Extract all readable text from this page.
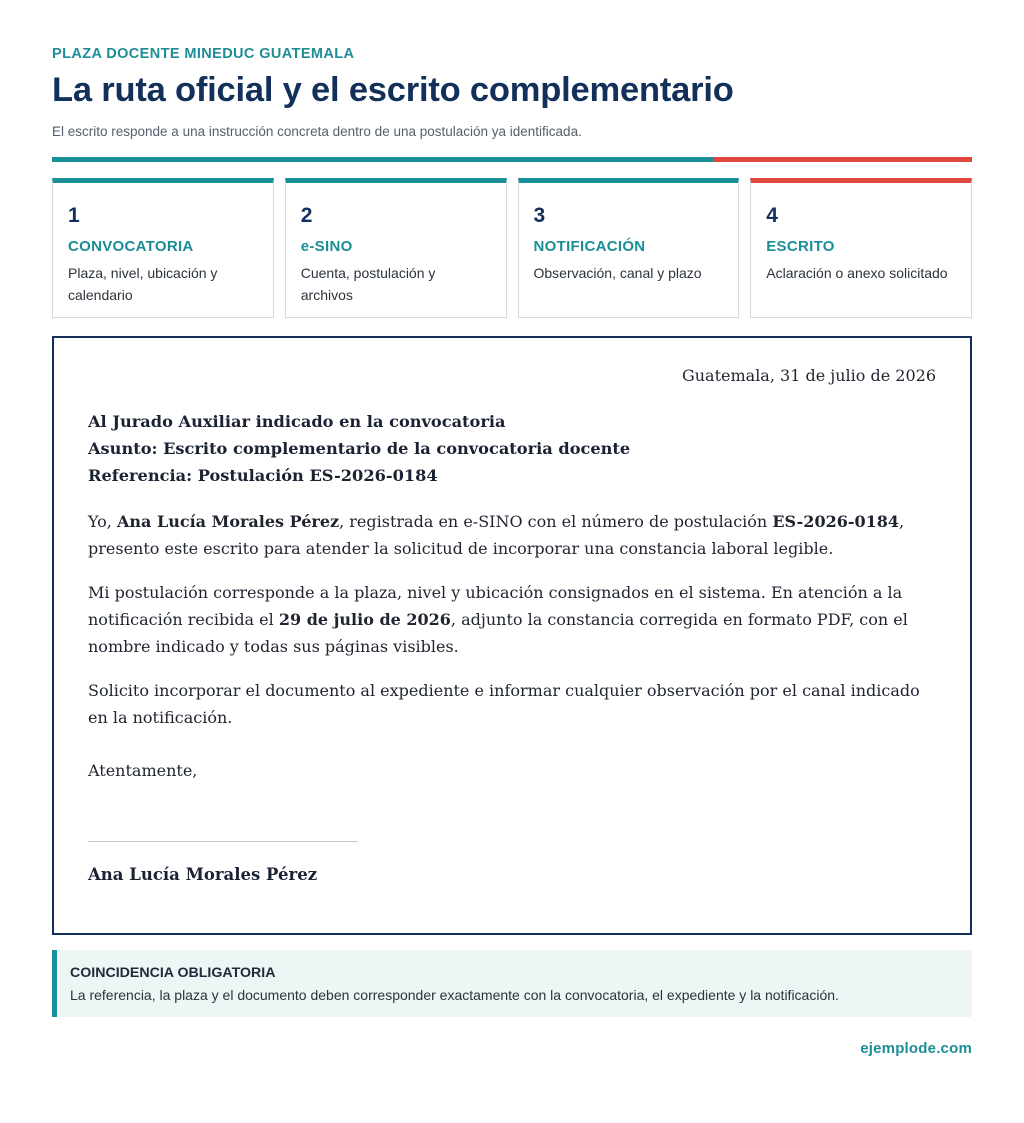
PLAZA DOCENTE MINEDUC GUATEMALA
La ruta oficial y el escrito complementario
El escrito responde a una instrucción concreta dentro de una postulación ya identificada.
1
CONVOCATORIA
Plaza, nivel, ubicación y calendario
2
e-SINO
Cuenta, postulación y archivos
3
NOTIFICACIÓN
Observación, canal y plazo
4
ESCRITO
Aclaración o anexo solicitado
Guatemala, 31 de julio de 2026
Al Jurado Auxiliar indicado en la convocatoria
Asunto: Escrito complementario de la convocatoria docente
Referencia: Postulación ES-2026-0184

Yo, Ana Lucía Morales Pérez, registrada en e-SINO con el número de postulación ES-2026-0184, presento este escrito para atender la solicitud de incorporar una constancia laboral legible.

Mi postulación corresponde a la plaza, nivel y ubicación consignados en el sistema. En atención a la notificación recibida el 29 de julio de 2026, adjunto la constancia corregida en formato PDF, con el nombre indicado y todas sus páginas visibles.

Solicito incorporar el documento al expediente e informar cualquier observación por el canal indicado en la notificación.

Atentamente,

Ana Lucía Morales Pérez
COINCIDENCIA OBLIGATORIA
La referencia, la plaza y el documento deben corresponder exactamente con la convocatoria, el expediente y la notificación.
ejemplode.com
